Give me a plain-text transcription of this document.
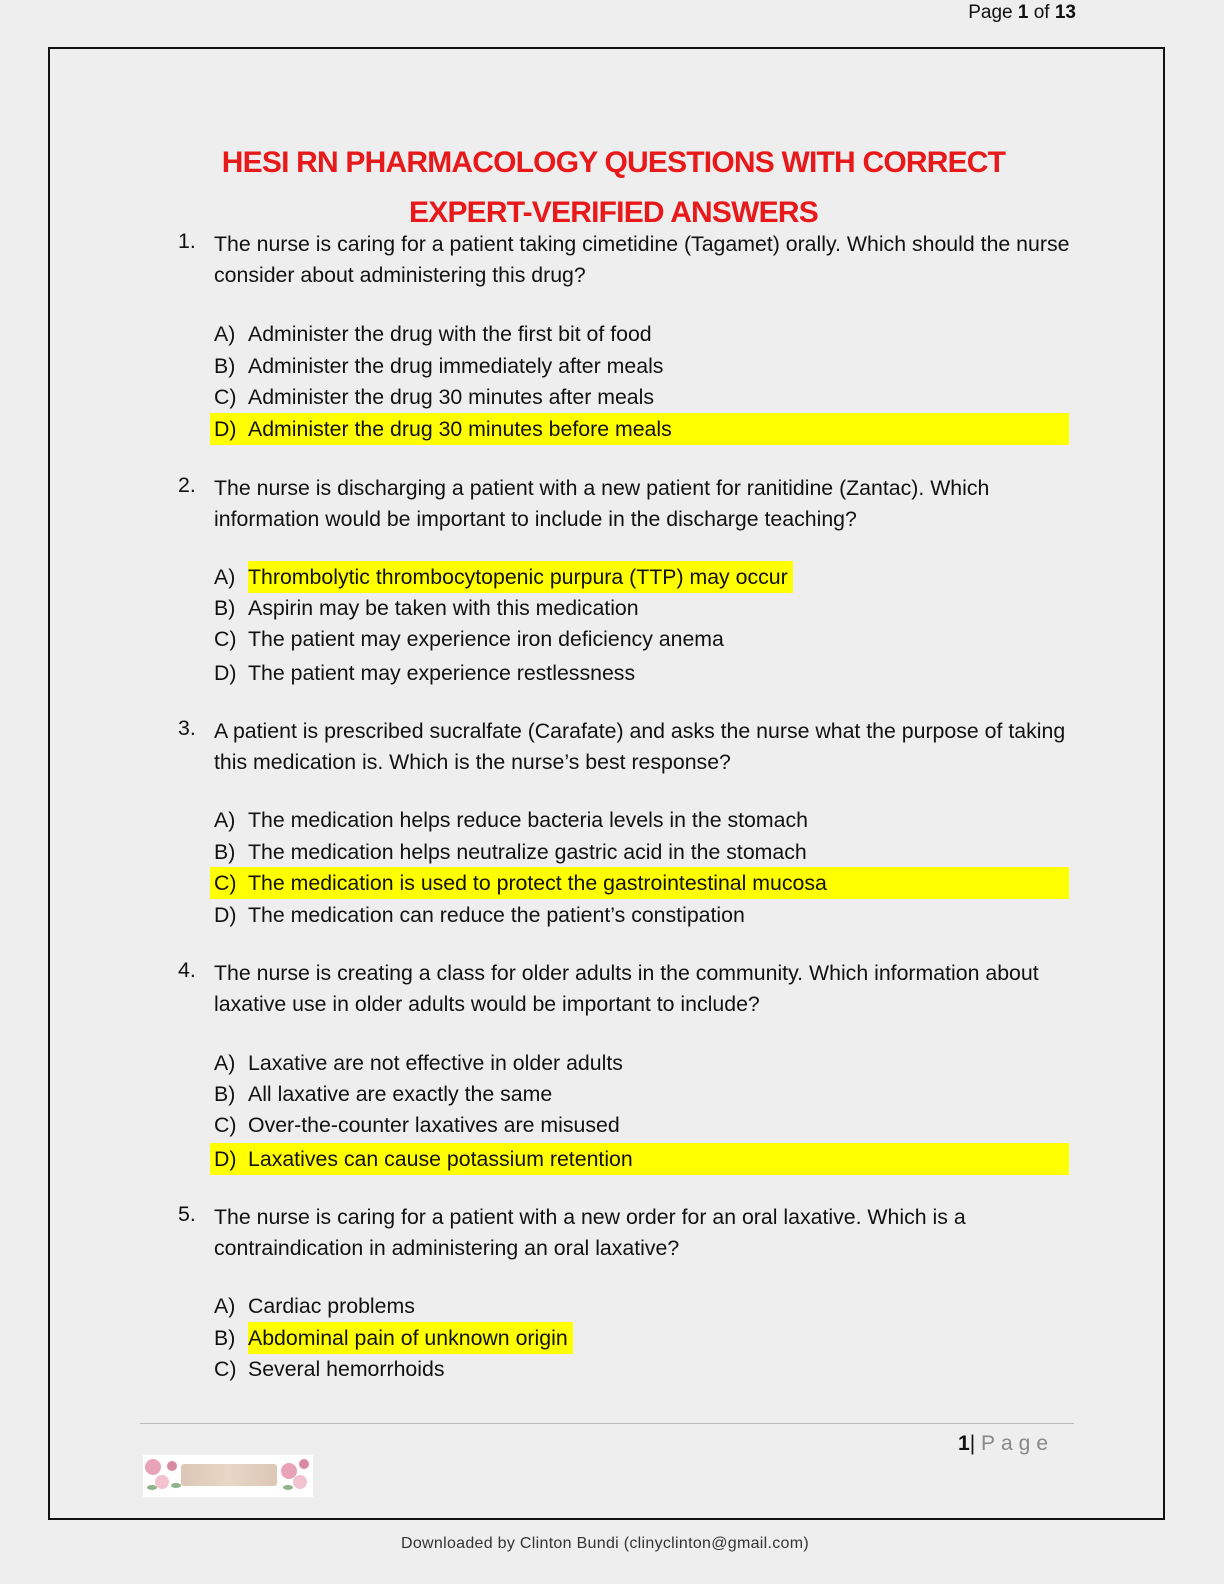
Page 1 of 13
HESI RN PHARMACOLOGY QUESTIONS WITH CORRECT
EXPERT-VERIFIED ANSWERS
1. The nurse is caring for a patient taking cimetidine (Tagamet) orally. Which should the nurse consider about administering this drug?
A) Administer the drug with the first bit of food
B) Administer the drug immediately after meals
C) Administer the drug 30 minutes after meals
D) Administer the drug 30 minutes before meals
2. The nurse is discharging a patient with a new patient for ranitidine (Zantac). Which information would be important to include in the discharge teaching?
A) Thrombolytic thrombocytopenic purpura (TTP) may occur
B) Aspirin may be taken with this medication
C) The patient may experience iron deficiency anema
D) The patient may experience restlessness
3. A patient is prescribed sucralfate (Carafate) and asks the nurse what the purpose of taking this medication is. Which is the nurse’s best response?
A) The medication helps reduce bacteria levels in the stomach
B) The medication helps neutralize gastric acid in the stomach
C) The medication is used to protect the gastrointestinal mucosa
D) The medication can reduce the patient’s constipation
4. The nurse is creating a class for older adults in the community. Which information about laxative use in older adults would be important to include?
A) Laxative are not effective in older adults
B) All laxative are exactly the same
C) Over-the-counter laxatives are misused
D) Laxatives can cause potassium retention
5. The nurse is caring for a patient with a new order for an oral laxative. Which is a contraindication in administering an oral laxative?
A) Cardiac problems
B) Abdominal pain of unknown origin
C) Several hemorrhoids
1| Page
Downloaded by Clinton Bundi (clinyclinton@gmail.com)
